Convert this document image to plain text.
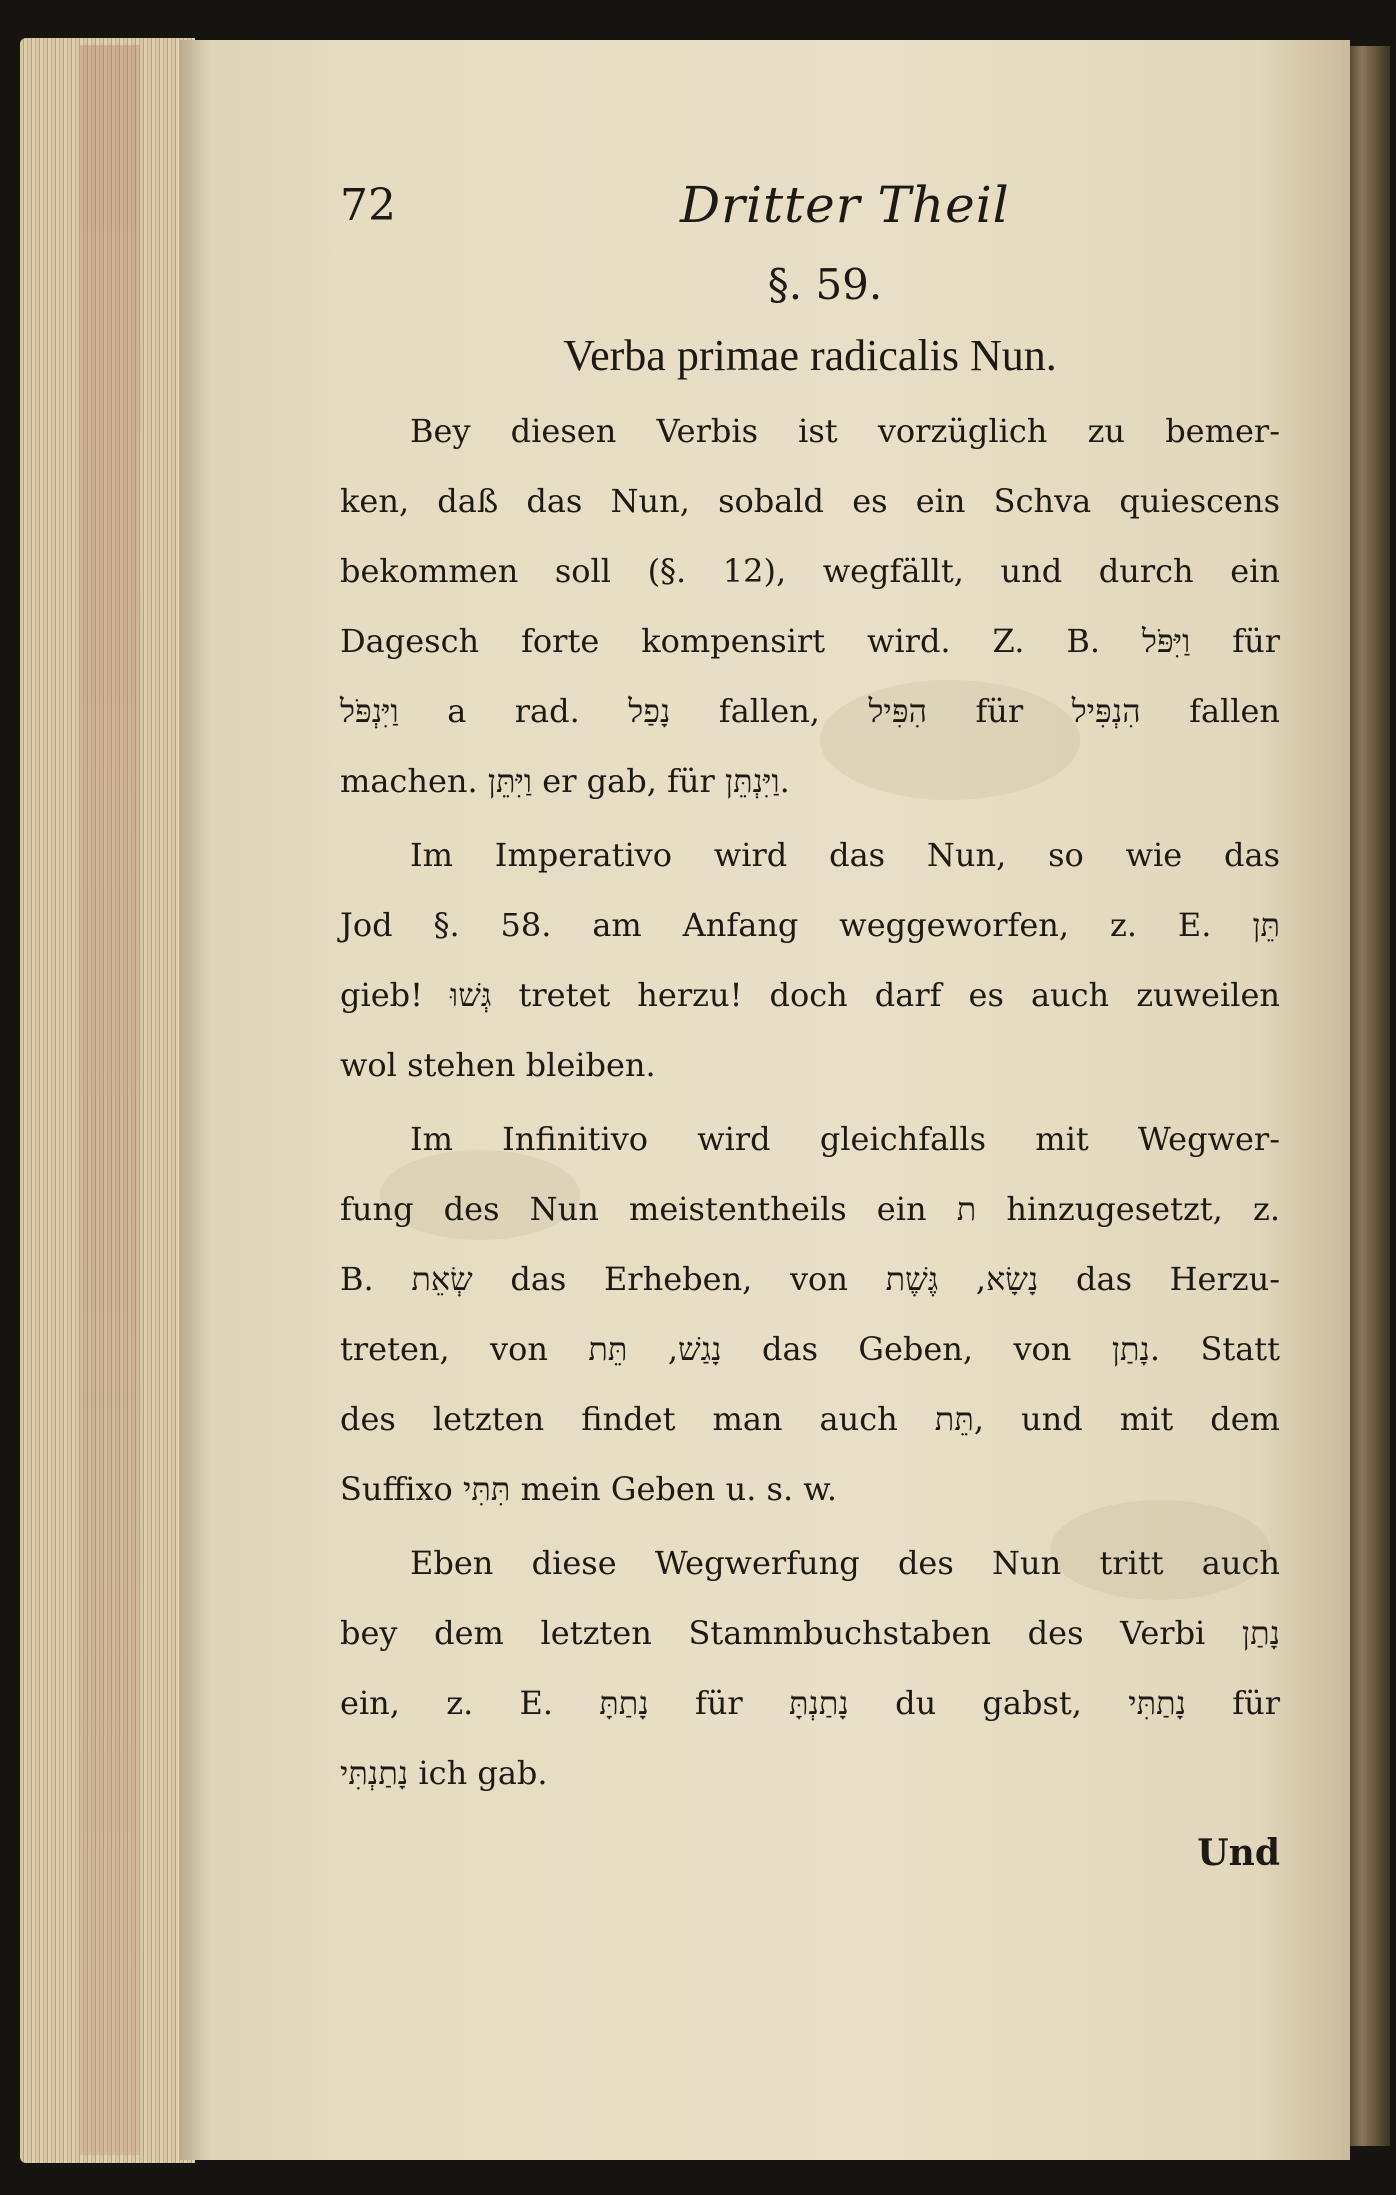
72	Dritter Theil
§. 59.
Verba primae radicalis Nun.

Bey diesen Verbis ist vorzüglich zu bemer-
ken, daß das Nun, sobald es ein Schva quiescens
bekommen soll (§. 12), wegfällt, und durch ein
Dagesch forte kompensirt wird. Z. B. וַיִּפֹּל für
וַיִּנְפֹּל a rad. נָפַל fallen, הִפִּיל für הִנְפִּיל fallen
machen. וַיִּתֵּן er gab, für וַיִּנְתֵּן.

Im Imperativo wird das Nun, so wie das
Jod §. 58. am Anfang weggeworfen, z. E. תֵּן
gieb! גְּשׁוּ tretet herzu! doch darf es auch zuweilen
wol stehen bleiben.

Im Infinitivo wird gleichfalls mit Wegwer-
fung des Nun meistentheils ein ת hinzugesetzt, z.
B. שְׂאֵת das Erheben, von נָשָׂא, גֶּשֶׁת das Herzu-
treten, von נָגַשׁ, תֵּת das Geben, von נָתַן. Statt
des letzten findet man auch תֵּת, und mit dem
Suffixo תִּתִּי mein Geben u. s. w.

Eben diese Wegwerfung des Nun tritt auch
bey dem letzten Stammbuchstaben des Verbi נָתַן
ein, z. E. נָתַתָּ für נָתַנְתָּ du gabst, נָתַתִּי für
נָתַנְתִּי ich gab.

Und
